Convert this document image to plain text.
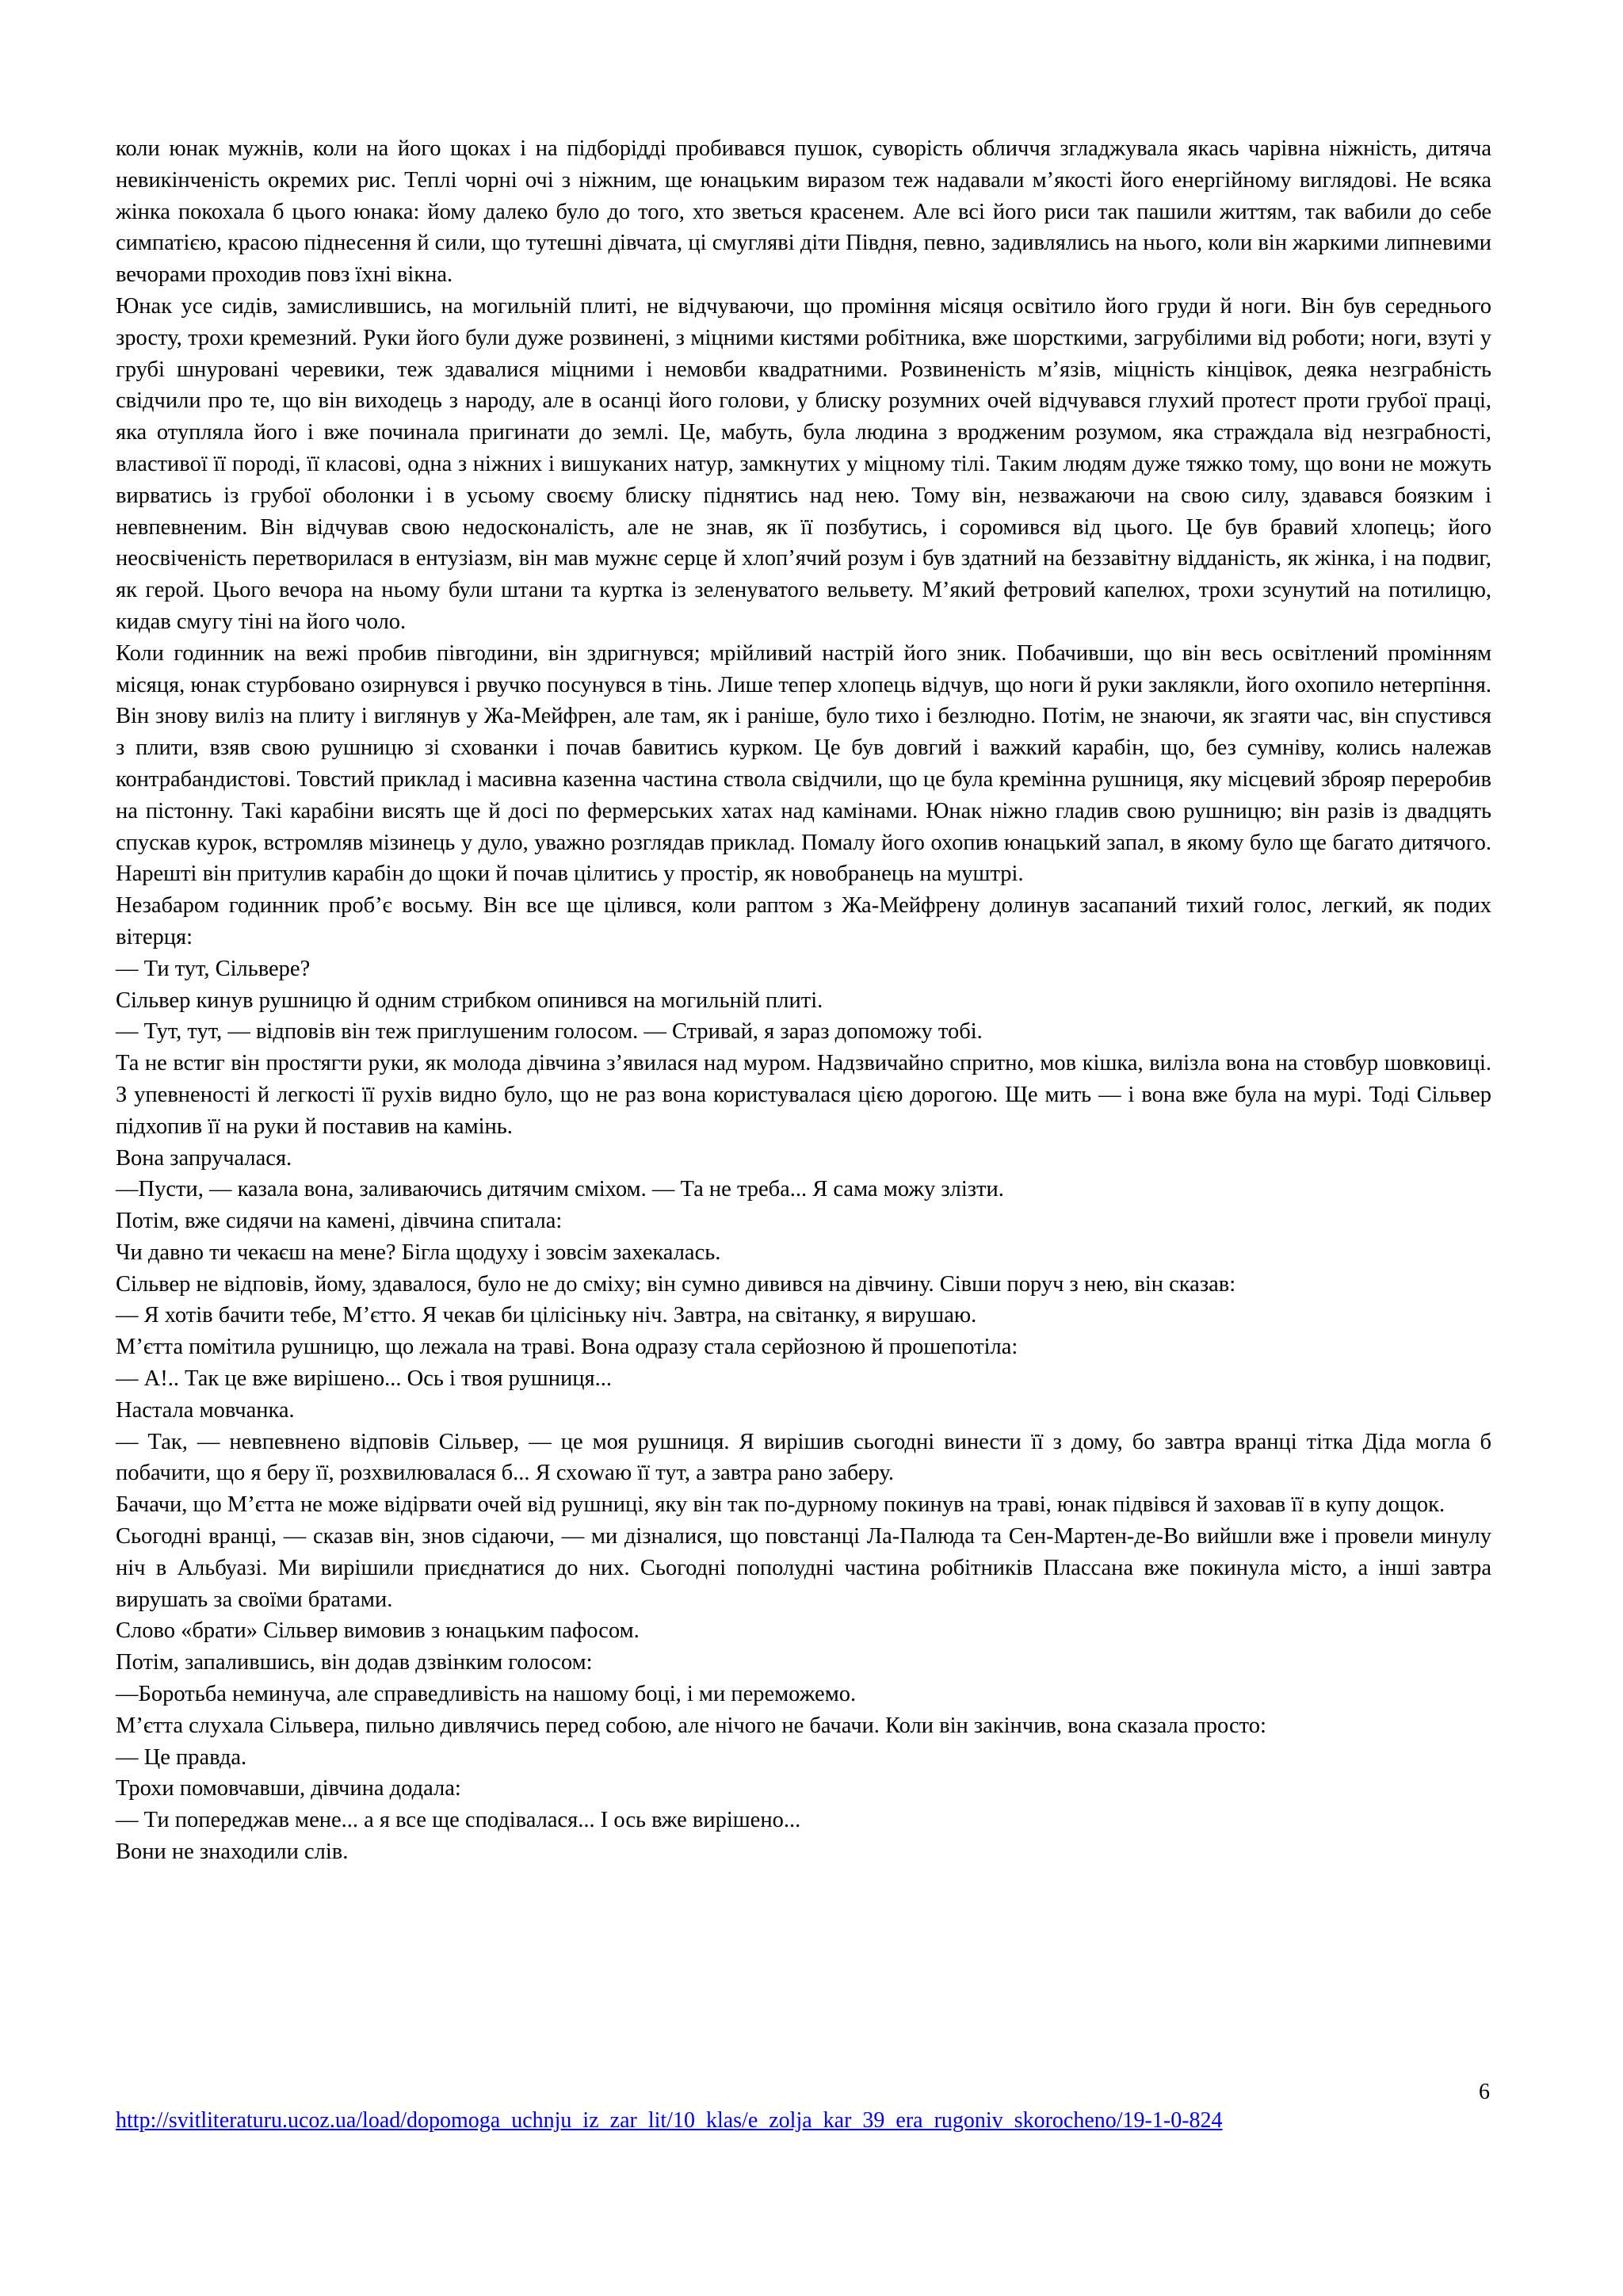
коли юнак мужнів, коли на його щоках і на підборідді пробивався пушок, суворість обличчя згладжувала якась чарівна ніжність, дитяча невикінченість окремих рис. Теплі чорні очі з ніжним, ще юнацьким виразом теж надавали м’якості його енергійному виглядові. Не всяка жінка покохала б цього юнака: йому далеко було до того, хто зветься красенем. Але всі його риси так пашили життям, так вабили до себе симпатією, красою піднесення й сили, що тутешні дівчата, ці смугляві діти Півдня, певно, задивлялись на нього, коли він жаркими липневими вечорами проходив повз їхні вікна.

Юнак усе сидів, замислившись, на могильній плиті, не відчуваючи, що проміння місяця освітило його груди й ноги. Він був середнього зросту, трохи кремезний. Руки його були дуже розвинені, з міцними кистями робітника, вже шорсткими, загрубілими від роботи; ноги, взуті у грубі шнуровані черевики, теж здавалися міцними і немовби квадратними. Розвиненість м’язів, міцність кінцівок, деяка незграбність свідчили про те, що він виходець з народу, але в осанці його голови, у блиску розумних очей відчувався глухий протест проти грубої праці, яка отупляла його і вже починала пригинати до землі. Це, мабуть, була людина з вродженим розумом, яка страждала від незграбності, властивої її породі, її класові, одна з ніжних і вишуканих натур, замкнутих у міцному тілі. Таким людям дуже тяжко тому, що вони не можуть вирватись із грубої оболонки і в усьому своєму блиску піднятись над нею. Тому він, незважаючи на свою силу, здавався боязким і невпевненим. Він відчував свою недосконалість, але не знав, як її позбутись, і соромився від цього. Це був бравий хлопець; його неосвіченість перетворилася в ентузіазм, він мав мужнє серце й хлоп’ячий розум і був здатний на беззавітну відданість, як жінка, і на подвиг, як герой. Цього вечора на ньому були штани та куртка із зеленуватого вельвету. М’який фетровий капелюх, трохи зсунутий на потилицю, кидав смугу тіні на його чоло.

Коли годинник на вежі пробив півгодини, він здригнувся; мрійливий настрій його зник. Побачивши, що він весь освітлений промінням місяця, юнак стурбовано озирнувся і рвучко посунувся в тінь. Лише тепер хлопець відчув, що ноги й руки заклякли, його охопило нетерпіння. Він знову виліз на плиту і виглянув у Жа-Мейфрен, але там, як і раніше, було тихо і безлюдно. Потім, не знаючи, як згаяти час, він спустився з плити, взяв свою рушницю зі схованки і почав бавитись курком. Це був довгий і важкий карабін, що, без сумніву, колись належав контрабандистові. Товстий приклад і масивна казенна частина ствола свідчили, що це була кремінна рушниця, яку місцевий зброяр переробив на пістонну. Такі карабіни висять ще й досі по фермерських хатах над камінами. Юнак ніжно гладив свою рушницю; він разів із двадцять спускав курок, встромляв мізинець у дуло, уважно розглядав приклад. Помалу його охопив юнацький запал, в якому було ще багато дитячого. Нарешті він притулив карабін до щоки й почав цілитись у простір, як новобранець на муштрі.

Незабаром годинник проб’є восьму. Він все ще цілився, коли раптом з Жа-Мейфрену долинув засапаний тихий голос, легкий, як подих вітерця:

— Ти тут, Сільвере?

Сільвер кинув рушницю й одним стрибком опинився на могильній плиті.

— Тут, тут, — відповів він теж приглушеним голосом. — Стривай, я зараз допоможу тобі.

Та не встиг він простягти руки, як молода дівчина з’явилася над муром. Надзвичайно спритно, мов кішка, вилізла вона на стовбур шовковиці. З упевненості й легкості її рухів видно було, що не раз вона користувалася цією дорогою. Ще мить — і вона вже була на мурі. Тоді Сільвер підхопив її на руки й поставив на камінь.

Вона запручалася.

—Пусти, — казала вона, заливаючись дитячим сміхом. — Та не треба... Я сама можу злізти.

Потім, вже сидячи на камені, дівчина спитала:

Чи давно ти чекаєш на мене? Бігла щодуху і зовсім захекалась.

Сільвер не відповів, йому, здавалося, було не до сміху; він сумно дивився на дівчину. Сівши поруч з нею, він сказав:

— Я хотів бачити тебе, М’єтто. Я чекав би цілісіньку ніч. Завтра, на світанку, я вирушаю.

М’єтта помітила рушницю, що лежала на траві. Вона одразу стала серйозною й прошепотіла:

— А!.. Так це вже вирішено... Ось і твоя рушниця...

Настала мовчанка.

— Так, — невпевнено відповів Сільвер, — це моя рушниця. Я вирішив сьогодні винести її з дому, бо завтра вранці тітка Діда могла б побачити, що я беру її, розхвилювалася б... Я схowаю її тут, а завтра рано заберу.

Бачачи, що М’єтта не може відірвати очей від рушниці, яку він так по-дурному покинув на траві, юнак підвівся й заховав її в купу дощок.

Сьогодні вранці, — сказав він, знов сідаючи, — ми дізналися, що повстанці Ла-Палюда та Сен-Мартен-де-Во вийшли вже і провели минулу ніч в Альбуазі. Ми вирішили приєднатися до них. Сьогодні пополудні частина робітників Плассана вже покинула місто, а інші завтра вирушать за своїми братами.

Слово «брати» Сільвер вимовив з юнацьким пафосом.

Потім, запалившись, він додав дзвінким голосом:

—Боротьба неминуча, але справедливість на нашому боці, і ми переможемо.

М’єтта слухала Сільвера, пильно дивлячись перед собою, але нічого не бачачи. Коли він закінчив, вона сказала просто:

— Це правда.

Трохи помовчавши, дівчина додала:

— Ти попереджав мене... а я все ще сподівалася... І ось вже вирішено...

Вони не знаходили слів.

6
http://svitliteraturu.ucoz.ua/load/dopomoga_uchnju_iz_zar_lit/10_klas/e_zolja_kar_39_era_rugoniv_skorocheno/19-1-0-824
